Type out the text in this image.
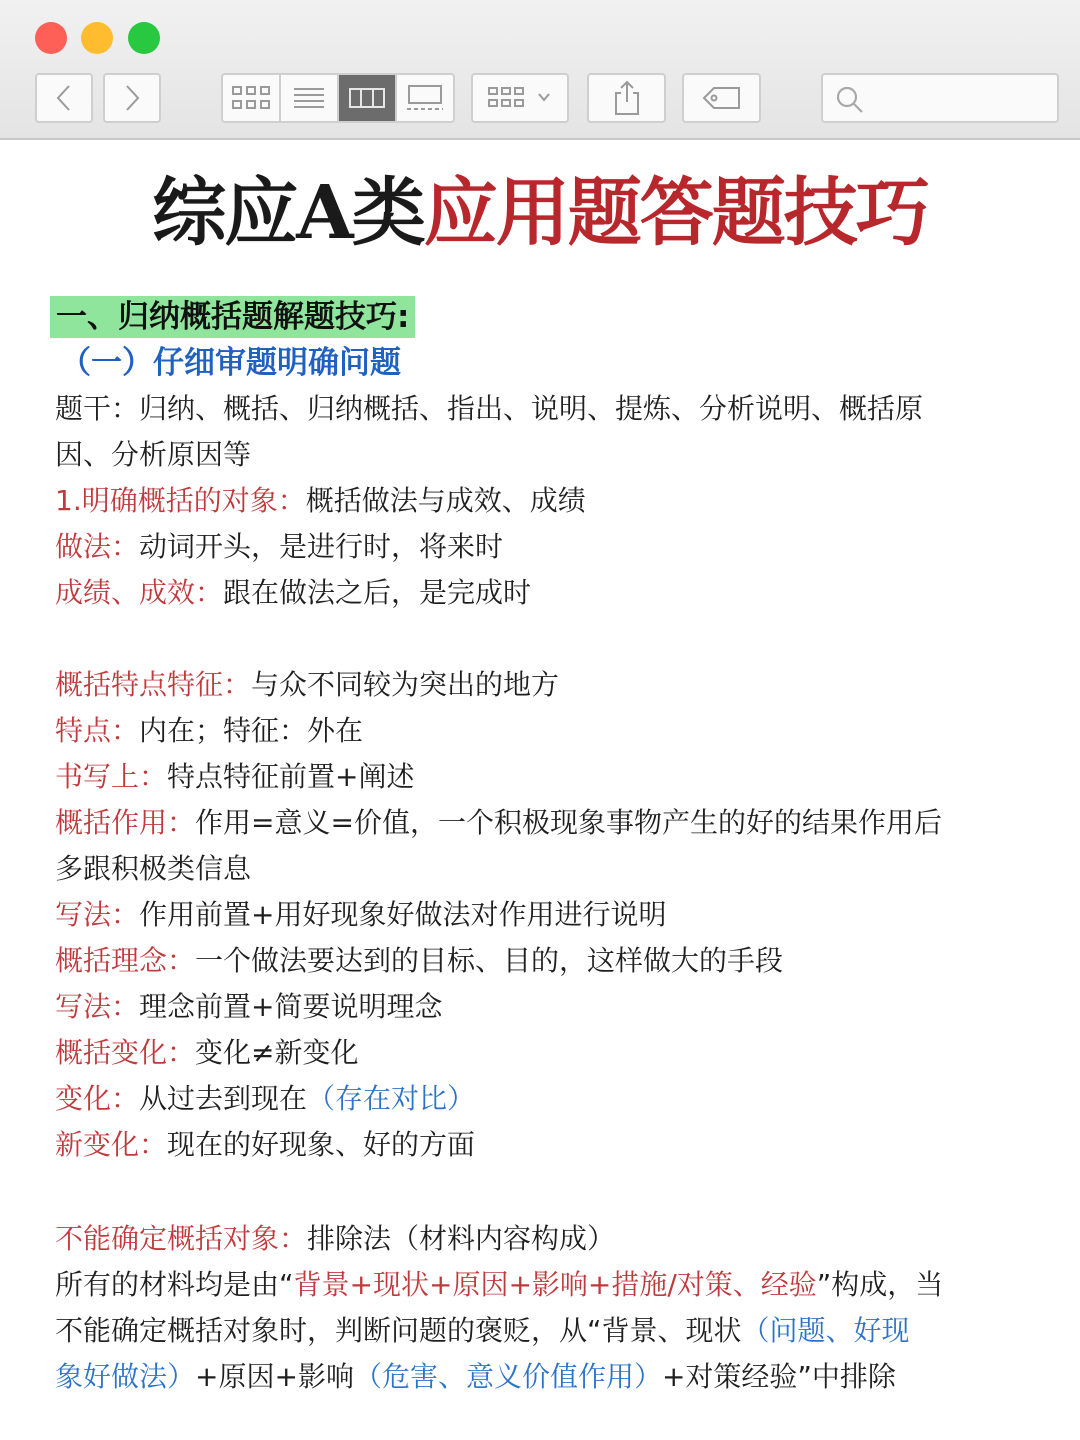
综应A类应用题答题技巧
一、归纳概括题解题技巧:
（一）仔细审题明确问题
题干：归纳、概括、归纳概括、指出、说明、提炼、分析说明、概括原
因、分析原因等
1.明确概括的对象：概括做法与成效、成绩
做法：动词开头，是进行时，将来时
成绩、成效：跟在做法之后，是完成时
概括特点特征：与众不同较为突出的地方
特点：内在；特征：外在
书写上：特点特征前置+阐述
概括作用：作用=意义=价值，一个积极现象事物产生的好的结果作用后
多跟积极类信息
写法：作用前置+用好现象好做法对作用进行说明
概括理念：一个做法要达到的目标、目的，这样做大的手段
写法：理念前置+简要说明理念
概括变化：变化≠新变化
变化：从过去到现在（存在对比）
新变化：现在的好现象、好的方面
不能确定概括对象：排除法（材料内容构成）
所有的材料均是由“背景+现状+原因+影响+措施/对策、经验”构成，当
不能确定概括对象时，判断问题的褒贬，从“背景、现状（问题、好现
象好做法）+原因+影响（危害、意义价值作用）+对策经验”中排除
